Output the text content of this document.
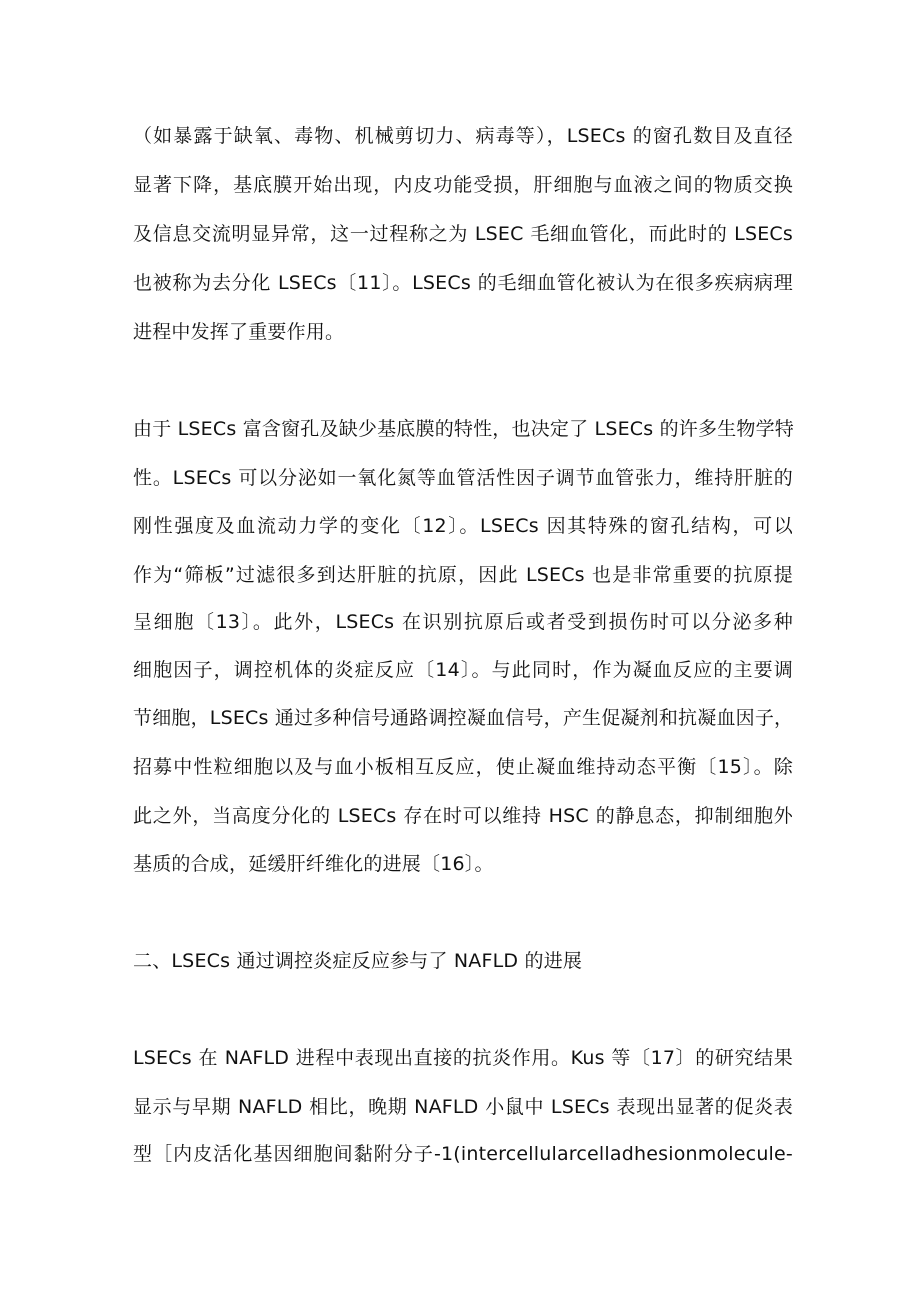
（如暴露于缺氧、毒物、机械剪切力、病毒等），LSECs 的窗孔数目及直径
显著下降，基底膜开始出现，内皮功能受损，肝细胞与血液之间的物质交换
及信息交流明显异常，这一过程称之为 LSEC 毛细血管化，而此时的 LSECs
也被称为去分化 LSECs〔11〕。LSECs 的毛细血管化被认为在很多疾病病理
进程中发挥了重要作用。
由于 LSECs 富含窗孔及缺少基底膜的特性，也决定了 LSECs 的许多生物学特
性。LSECs 可以分泌如一氧化氮等血管活性因子调节血管张力，维持肝脏的
刚性强度及血流动力学的变化〔12〕。LSECs 因其特殊的窗孔结构，可以
作为“筛板”过滤很多到达肝脏的抗原，因此 LSECs 也是非常重要的抗原提
呈细胞〔13〕。此外，LSECs 在识别抗原后或者受到损伤时可以分泌多种
细胞因子，调控机体的炎症反应〔14〕。与此同时，作为凝血反应的主要调
节细胞，LSECs 通过多种信号通路调控凝血信号，产生促凝剂和抗凝血因子，
招募中性粒细胞以及与血小板相互反应，使止凝血维持动态平衡〔15〕。除
此之外，当高度分化的 LSECs 存在时可以维持 HSC 的静息态，抑制细胞外
基质的合成，延缓肝纤维化的进展〔16〕。
二、LSECs 通过调控炎症反应参与了 NAFLD 的进展
LSECs 在 NAFLD 进程中表现出直接的抗炎作用。Kus 等〔17〕的研究结果
显示与早期 NAFLD 相比，晚期 NAFLD 小鼠中 LSECs 表现出显著的促炎表
型［内皮活化基因细胞间黏附分子-1(intercellularcelladhesionmolecule-
